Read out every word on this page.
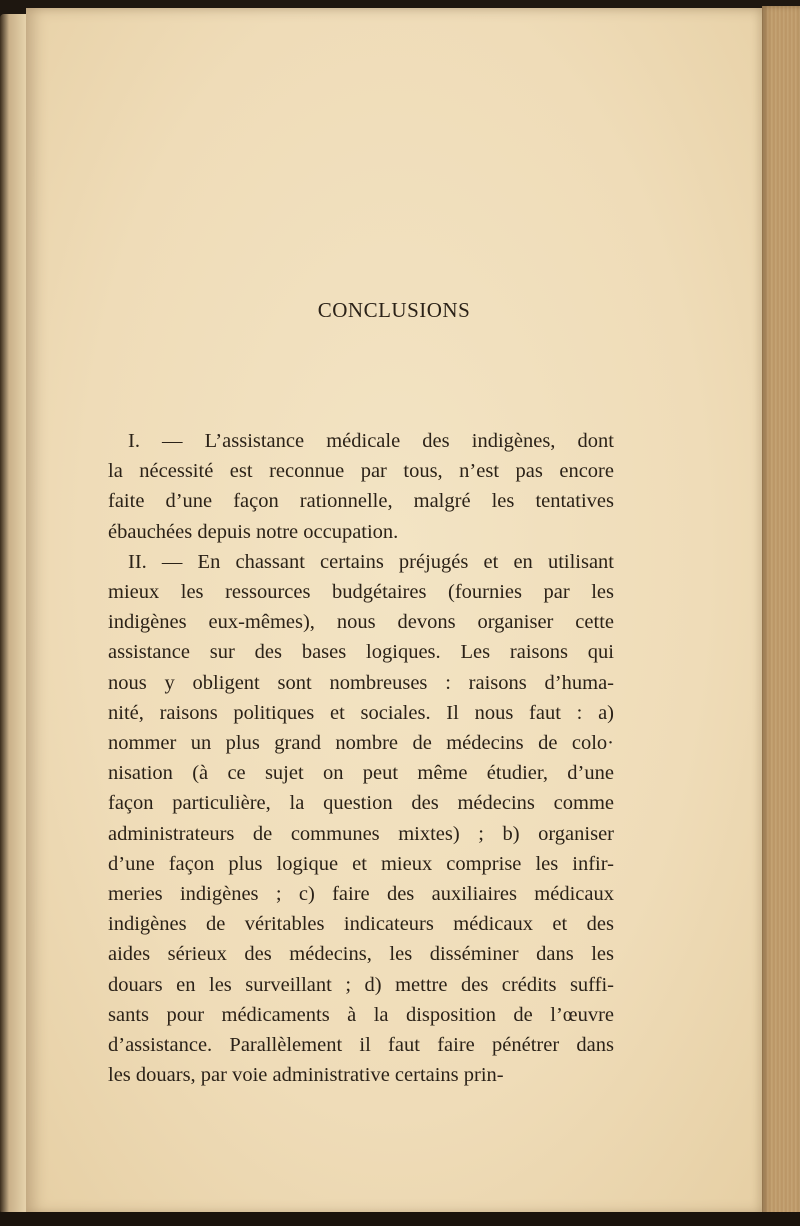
CONCLUSIONS
I. — L’assistance médicale des indigènes, dont
la nécessité est reconnue par tous, n’est pas encore
faite d’une façon rationnelle, malgré les tentatives
ébauchées depuis notre occupation.
II. — En chassant certains préjugés et en utilisant
mieux les ressources budgétaires (fournies par les
indigènes eux-mêmes), nous devons organiser cette
assistance sur des bases logiques. Les raisons qui
nous y obligent sont nombreuses : raisons d’huma-
nité, raisons politiques et sociales. Il nous faut : a)
nommer un plus grand nombre de médecins de colo·
nisation (à ce sujet on peut même étudier, d’une
façon particulière, la question des médecins comme
administrateurs de communes mixtes) ; b) organiser
d’une façon plus logique et mieux comprise les infir-
meries indigènes ; c) faire des auxiliaires médicaux
indigènes de véritables indicateurs médicaux et des
aides sérieux des médecins, les disséminer dans les
douars en les surveillant ; d) mettre des crédits suffi-
sants pour médicaments à la disposition de l’œuvre
d’assistance. Parallèlement il faut faire pénétrer dans
les douars, par voie administrative certains prin-
